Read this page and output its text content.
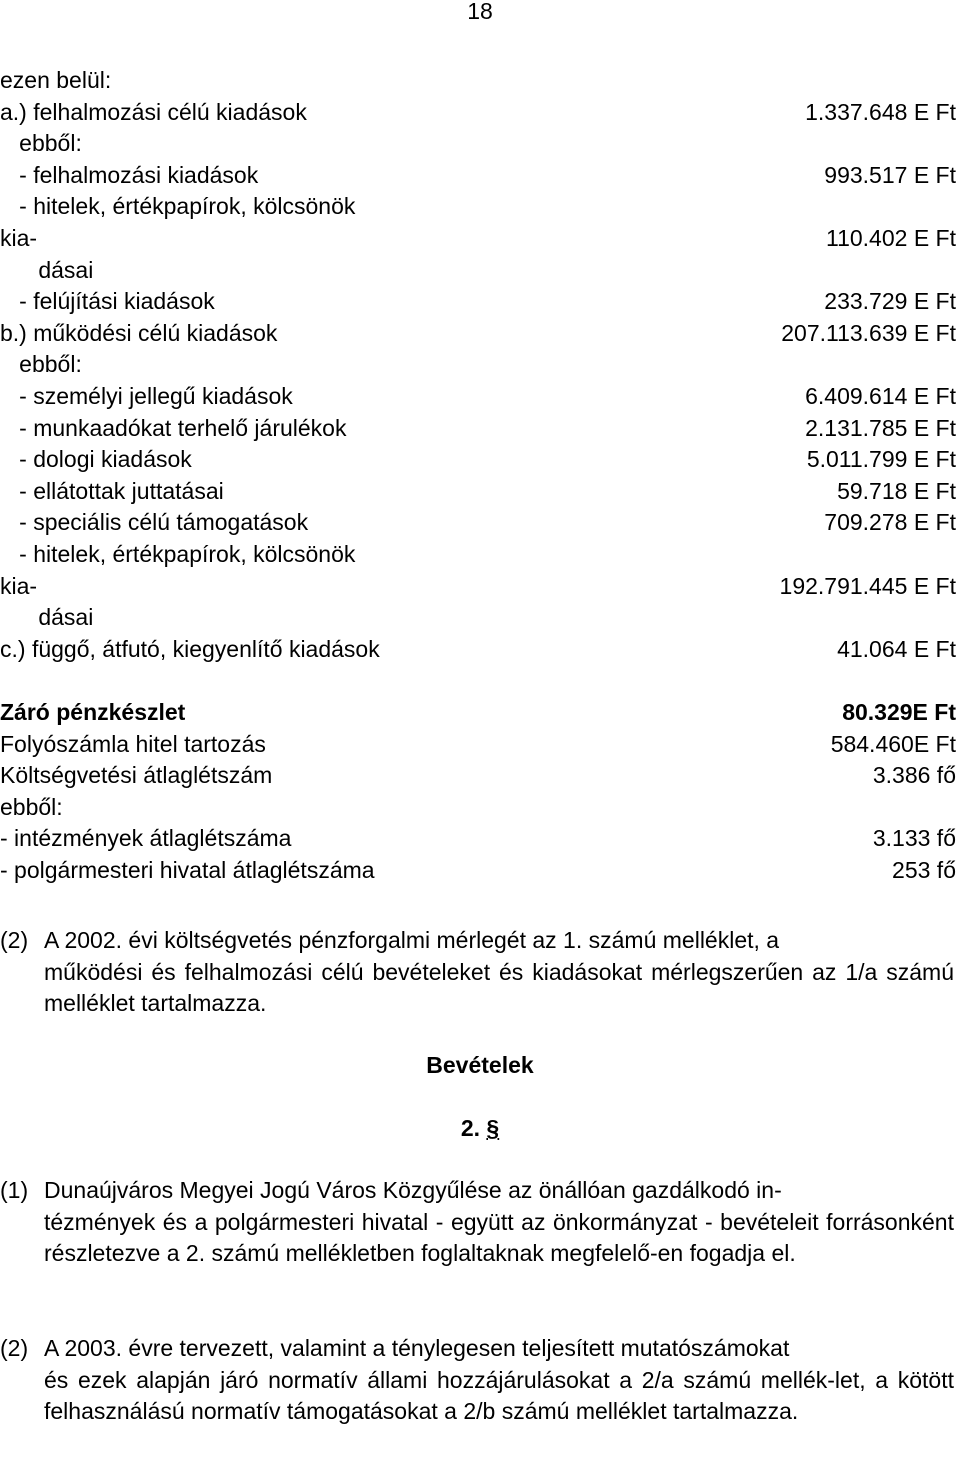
18
ezen belül:
a.) felhalmozási célú kiadások	1.337.648 E Ft
ebből:
- felhalmozási kiadások	993.517 E Ft
- hitelek, értékpapírok, kölcsönök
kia-	110.402 E Ft
dásai
- felújítási kiadások	233.729 E Ft
b.) működési célú kiadások	207.113.639 E Ft
ebből:
- személyi jellegű kiadások	6.409.614 E Ft
- munkaadókat terhelő járulékok	2.131.785 E Ft
- dologi kiadások	5.011.799 E Ft
- ellátottak juttatásai	59.718 E Ft
- speciális célú támogatások	709.278 E Ft
- hitelek, értékpapírok, kölcsönök
kia-	192.791.445 E Ft
dásai
c.) függő, átfutó, kiegyenlítő kiadások	41.064 E Ft
Záró pénzkészlet	80.329E Ft
Folyószámla hitel tartozás	584.460E Ft
Költségvetési átlaglétszám	3.386 fő
ebből:
- intézmények átlaglétszáma	3.133 fő
- polgármesteri hivatal átlaglétszáma	253 fő
(2) A 2002. évi költségvetés pénzforgalmi mérlegét az 1. számú melléklet, a
működési és felhalmozási célú bevételeket és kiadásokat mérlegszerűen az 1/a számú melléklet tartalmazza.
Bevételek
2. §
(1) Dunaújváros Megyei Jogú Város Közgyűlése az önállóan gazdálkodó in-
tézmények és a polgármesteri hivatal - együtt az önkormányzat - bevételeit forrásonként részletezve a 2. számú mellékletben foglaltaknak megfelelő-en fogadja el.
(2) A 2003. évre tervezett, valamint a ténylegesen teljesített mutatószámokat
és ezek alapján járó normatív állami hozzájárulásokat a 2/a számú mellék-let, a kötött felhasználású normatív támogatásokat a 2/b számú melléklet tartalmazza.
